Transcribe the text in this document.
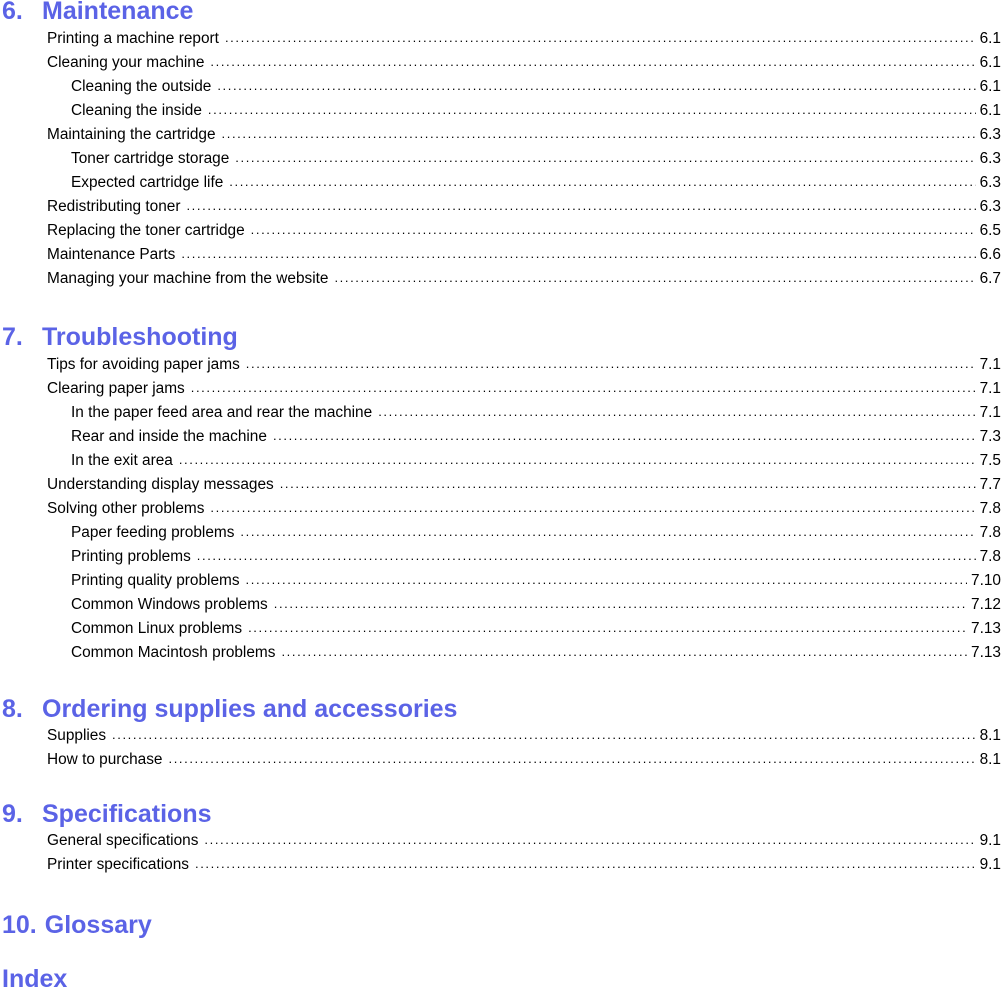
6. Maintenance
Printing a machine report .....	6.1
Cleaning your machine .....	6.1
Cleaning the outside .....	6.1
Cleaning the inside .....	6.1
Maintaining the cartridge .....	6.3
Toner cartridge storage .....	6.3
Expected cartridge life .....	6.3
Redistributing toner .....	6.3
Replacing the toner cartridge .....	6.5
Maintenance Parts .....	6.6
Managing your machine from the website .....	6.7
7. Troubleshooting
Tips for avoiding paper jams .....	7.1
Clearing paper jams .....	7.1
In the paper feed area and rear the machine .....	7.1
Rear and inside the machine .....	7.3
In the exit area .....	7.5
Understanding display messages .....	7.7
Solving other problems .....	7.8
Paper feeding problems .....	7.8
Printing problems .....	7.8
Printing quality problems .....	7.10
Common Windows problems .....	7.12
Common Linux problems .....	7.13
Common Macintosh problems .....	7.13
8. Ordering supplies and accessories
Supplies .....	8.1
How to purchase .....	8.1
9. Specifications
General specifications .....	9.1
Printer specifications .....	9.1
10. Glossary
Index
